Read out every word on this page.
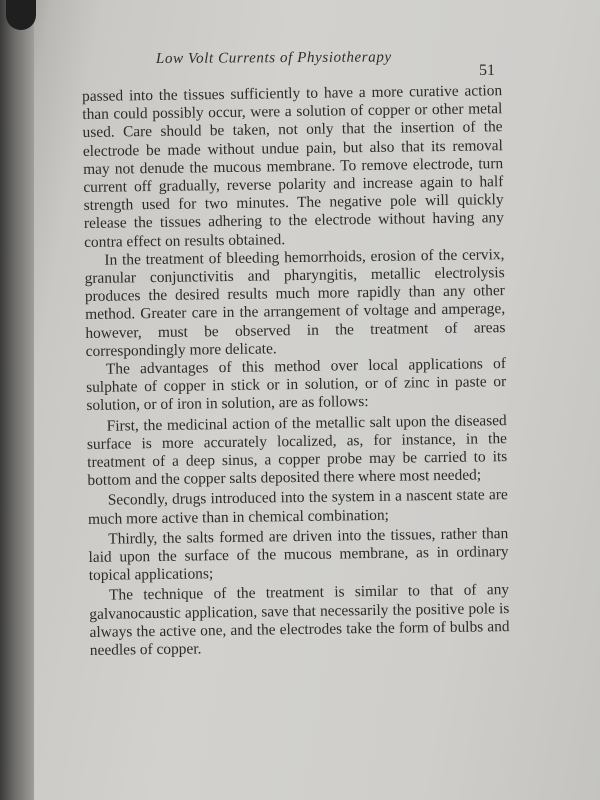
Low Volt Currents of Physiotherapy
51

passed into the tissues sufficiently to have a more curative action than could possibly occur, were a solution of copper or other metal used. Care should be taken, not only that the insertion of the electrode be made without undue pain, but also that its removal may not denude the mucous membrane. To remove electrode, turn current off gradually, reverse polarity and increase again to half strength used for two minutes. The negative pole will quickly release the tissues adhering to the electrode without having any contra effect on results obtained.

In the treatment of bleeding hemorrhoids, erosion of the cervix, granular conjunctivitis and pharyngitis, metallic electrolysis produces the desired results much more rapidly than any other method. Greater care in the arrangement of voltage and amperage, however, must be observed in the treatment of areas correspondingly more delicate.

The advantages of this method over local applications of sulphate of copper in stick or in solution, or of zinc in paste or solution, or of iron in solution, are as follows:

First, the medicinal action of the metallic salt upon the diseased surface is more accurately localized, as, for instance, in the treatment of a deep sinus, a copper probe may be carried to its bottom and the copper salts deposited there where most needed;

Secondly, drugs introduced into the system in a nascent state are much more active than in chemical combination;

Thirdly, the salts formed are driven into the tissues, rather than laid upon the surface of the mucous membrane, as in ordinary topical applications;

The technique of the treatment is similar to that of any galvanocaustic application, save that necessarily the positive pole is always the active one, and the electrodes take the form of bulbs and needles of copper.
